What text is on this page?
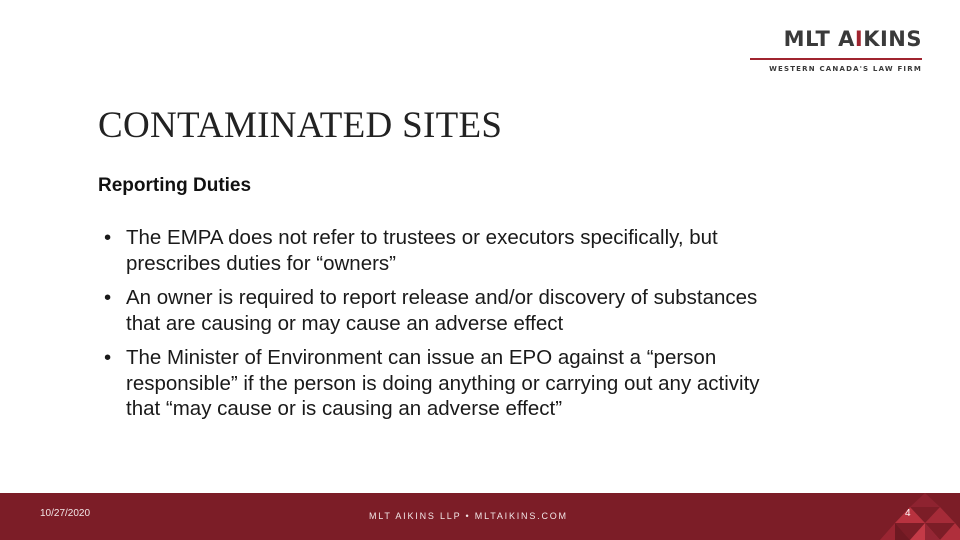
MLT AIKINS
WESTERN CANADA'S LAW FIRM
CONTAMINATED SITES
Reporting Duties
• The EMPA does not refer to trustees or executors specifically, but prescribes duties for “owners”
• An owner is required to report release and/or discovery of substances that are causing or may cause an adverse effect
• The Minister of Environment can issue an EPO against a “person responsible” if the person is doing anything or carrying out any activity that “may cause or is causing an adverse effect”
10/27/2020	MLT AIKINS LLP • MLTAIKINS.COM	4
